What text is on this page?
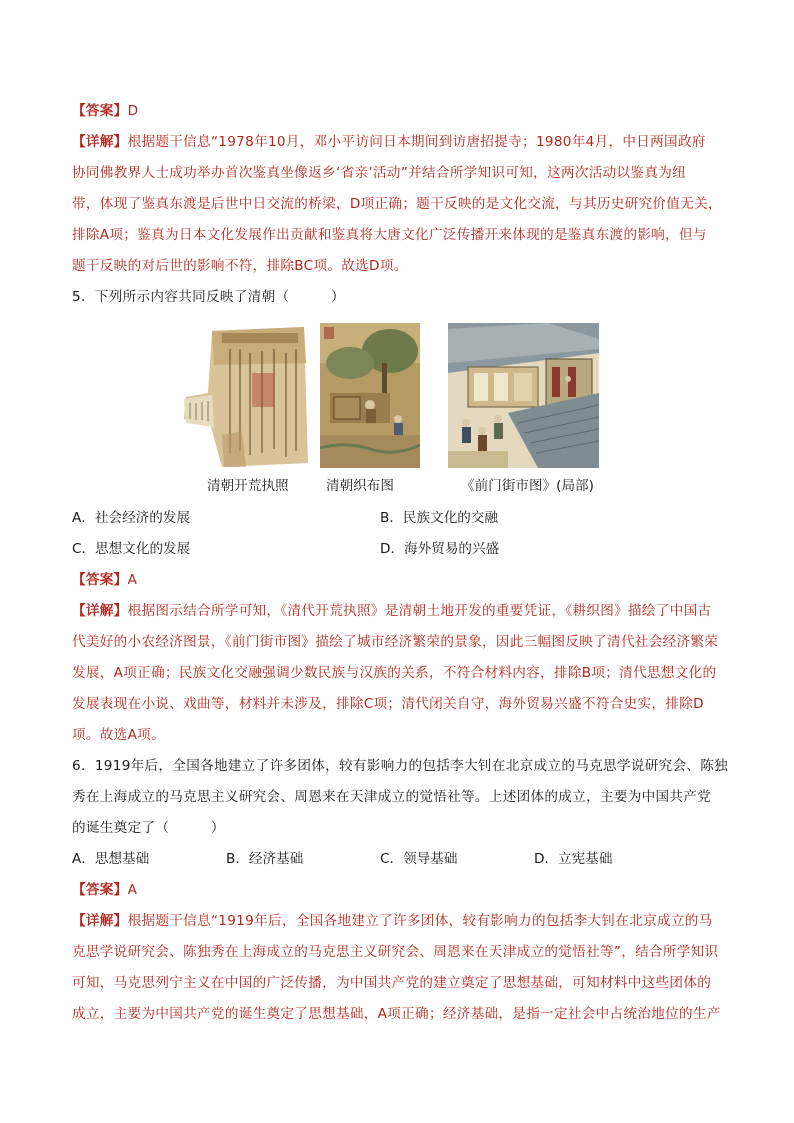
【答案】D
【详解】根据题干信息“1978年10月，邓小平访问日本期间到访唐招提寺；1980年4月，中日两国政府
协同佛教界人士成功举办首次鉴真坐像返乡‘省亲’活动”并结合所学知识可知，这两次活动以鉴真为纽
带，体现了鉴真东渡是后世中日交流的桥梁，D项正确；题干反映的是文化交流，与其历史研究价值无关，
排除A项；鉴真为日本文化发展作出贡献和鉴真将大唐文化广泛传播开来体现的是鉴真东渡的影响，但与
题干反映的对后世的影响不符，排除BC项。故选D项。
5．下列所示内容共同反映了清朝（　　　）
清朝开荒执照	清朝织布图	《前门街市图》(局部)
A．社会经济的发展	B．民族文化的交融
C．思想文化的发展	D．海外贸易的兴盛
【答案】A
【详解】根据图示结合所学可知，《清代开荒执照》是清朝土地开发的重要凭证，《耕织图》描绘了中国古
代美好的小农经济图景，《前门街市图》描绘了城市经济繁荣的景象，因此三幅图反映了清代社会经济繁荣
发展，A项正确；民族文化交融强调少数民族与汉族的关系，不符合材料内容，排除B项；清代思想文化的
发展表现在小说、戏曲等，材料并未涉及，排除C项；清代闭关自守，海外贸易兴盛不符合史实，排除D
项。故选A项。
6．1919年后，全国各地建立了许多团体，较有影响力的包括李大钊在北京成立的马克思学说研究会、陈独
秀在上海成立的马克思主义研究会、周恩来在天津成立的觉悟社等。上述团体的成立，主要为中国共产党
的诞生奠定了（　　　）
A．思想基础	B．经济基础	C．领导基础	D．立宪基础
【答案】A
【详解】根据题干信息“1919年后，全国各地建立了许多团体，较有影响力的包括李大钊在北京成立的马
克思学说研究会、陈独秀在上海成立的马克思主义研究会、周恩来在天津成立的觉悟社等”，结合所学知识
可知，马克思列宁主义在中国的广泛传播，为中国共产党的建立奠定了思想基础，可知材料中这些团体的
成立，主要为中国共产党的诞生奠定了思想基础，A项正确；经济基础，是指一定社会中占统治地位的生产
